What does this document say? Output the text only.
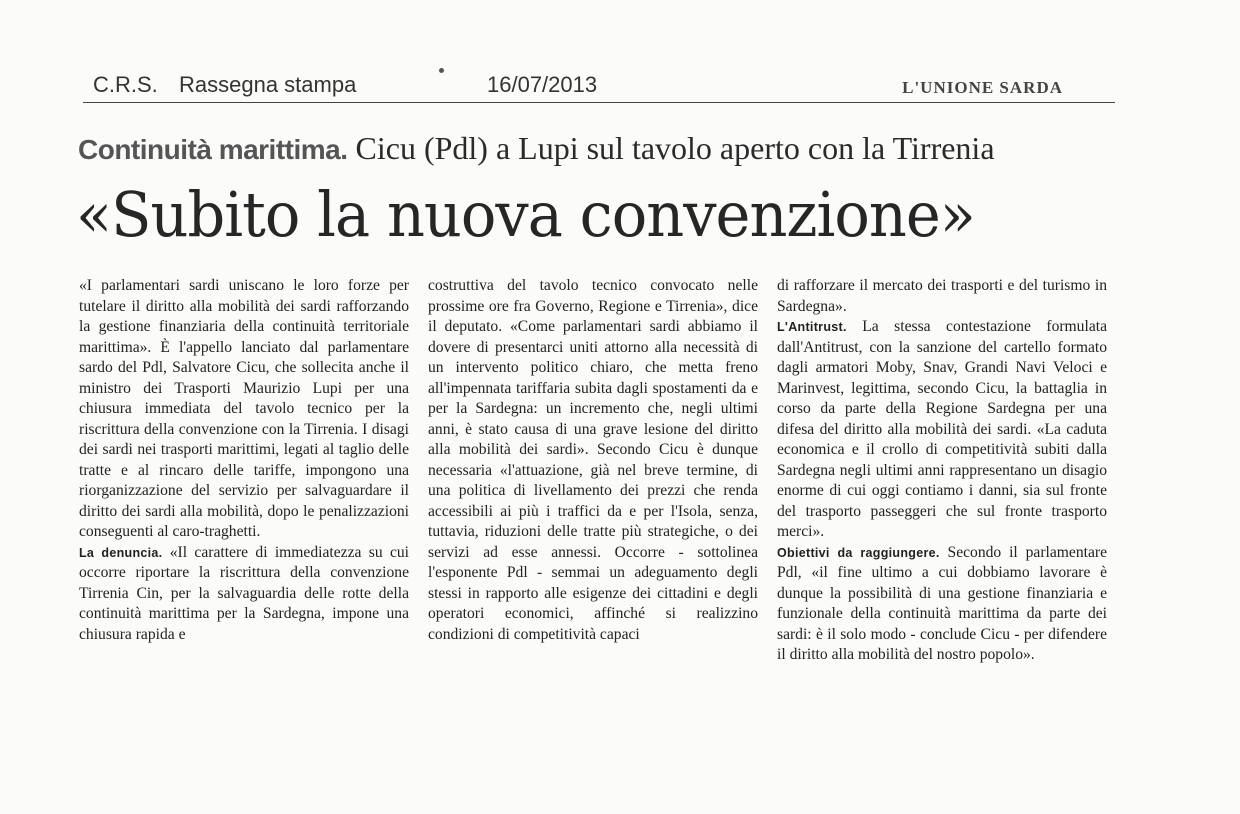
C.R.S. Rassegna stampa	16/07/2013	L'UNIONE SARDA
Continuità marittima. Cicu (Pdl) a Lupi sul tavolo aperto con la Tirrenia
«Subito la nuova convenzione»

«I parlamentari sardi uniscano le loro forze per tutelare il diritto alla mobilità dei sardi rafforzando la gestione finanziaria della continuità territoriale marittima». È l'appello lanciato dal parlamentare sardo del Pdl, Salvatore Cicu, che sollecita anche il ministro dei Trasporti Maurizio Lupi per una chiusura immediata del tavolo tecnico per la riscrittura della convenzione con la Tirrenia. I disagi dei sardi nei trasporti marittimi, legati al taglio delle tratte e al rincaro delle tariffe, impongono una riorganizzazione del servizio per salvaguardare il diritto dei sardi alla mobilità, dopo le penalizzazioni conseguenti al caro-traghetti.

La denuncia. «Il carattere di immediatezza su cui occorre riportare la riscrittura della convenzione Tirrenia Cin, per la salvaguardia delle rotte della continuità marittima per la Sardegna, impone una chiusura rapida e

costruttiva del tavolo tecnico convocato nelle prossime ore fra Governo, Regione e Tirrenia», dice il deputato. «Come parlamentari sardi abbiamo il dovere di presentarci uniti attorno alla necessità di un intervento politico chiaro, che metta freno all'impennata tariffaria subita dagli spostamenti da e per la Sardegna: un incremento che, negli ultimi anni, è stato causa di una grave lesione del diritto alla mobilità dei sardi». Secondo Cicu è dunque necessaria «l'attuazione, già nel breve termine, di una politica di livellamento dei prezzi che renda accessibili ai più i traffici da e per l'Isola, senza, tuttavia, riduzioni delle tratte più strategiche, o dei servizi ad esse annessi. Occorre - sottolinea l'esponente Pdl - semmai un adeguamento degli stessi in rapporto alle esigenze dei cittadini e degli operatori economici, affinché si realizzino condizioni di competitività capaci

di rafforzare il mercato dei trasporti e del turismo in Sardegna».

L'Antitrust. La stessa contestazione formulata dall'Antitrust, con la sanzione del cartello formato dagli armatori Moby, Snav, Grandi Navi Veloci e Marinvest, legittima, secondo Cicu, la battaglia in corso da parte della Regione Sardegna per una difesa del diritto alla mobilità dei sardi. «La caduta economica e il crollo di competitività subiti dalla Sardegna negli ultimi anni rappresentano un disagio enorme di cui oggi contiamo i danni, sia sul fronte del trasporto passeggeri che sul fronte trasporto merci».

Obiettivi da raggiungere. Secondo il parlamentare Pdl, «il fine ultimo a cui dobbiamo lavorare è dunque la possibilità di una gestione finanziaria e funzionale della continuità marittima da parte dei sardi: è il solo modo - conclude Cicu - per difendere il diritto alla mobilità del nostro popolo».
